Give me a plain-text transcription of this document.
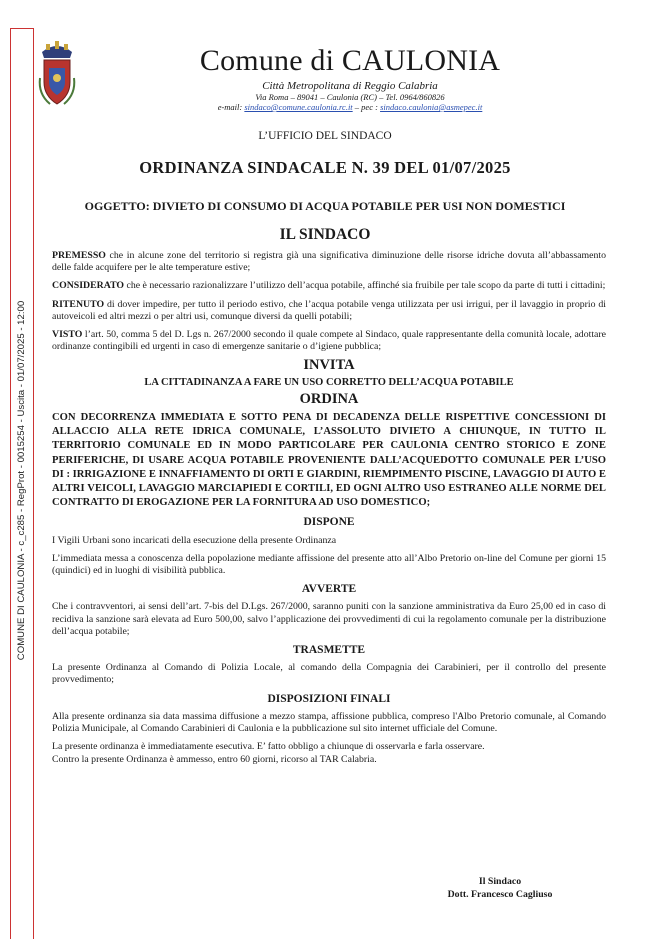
COMUNE DI CAULONIA - c_c285 - RegProt - 0015254 - Uscita - 01/07/2025 - 12:00
Comune di CAULONIA
Città Metropolitana di Reggio Calabria
Via Roma – 89041 – Caulonia (RC) – Tel. 0964/860826
e-mail: sindaco@comune.caulonia.rc.it – pec : sindaco.caulonia@asmepec.it
L’UFFICIO DEL SINDACO
ORDINANZA SINDACALE N. 39 DEL 01/07/2025
OGGETTO: DIVIETO DI CONSUMO DI ACQUA POTABILE PER USI NON DOMESTICI
IL SINDACO

PREMESSO che in alcune zone del territorio si registra già una significativa diminuzione delle risorse idriche dovuta all’abbassamento delle falde acquifere per le alte temperature estive;

CONSIDERATO che è necessario razionalizzare l’utilizzo dell’acqua potabile, affinché sia fruibile per tale scopo da parte di tutti i cittadini;

RITENUTO di dover impedire, per tutto il periodo estivo, che l’acqua potabile venga utilizzata per usi irrigui, per il lavaggio in proprio di autoveicoli ed altri mezzi o per altri usi, comunque diversi da quelli potabili;

VISTO l’art. 50, comma 5 del D. Lgs n. 267/2000 secondo il quale compete al Sindaco, quale rappresentante della comunità locale, adottare ordinanze contingibili ed urgenti in caso di emergenze sanitarie o d’igiene pubblica;

INVITA

LA CITTADINANZA A FARE UN USO CORRETTO DELL’ACQUA POTABILE

ORDINA

CON DECORRENZA IMMEDIATA E SOTTO PENA DI DECADENZA DELLE RISPETTIVE CONCESSIONI DI ALLACCIO ALLA RETE IDRICA COMUNALE, L’ASSOLUTO DIVIETO A CHIUNQUE, IN TUTTO IL TERRITORIO COMUNALE ED IN MODO PARTICOLARE PER CAULONIA CENTRO STORICO E ZONE PERIFERICHE, DI USARE ACQUA POTABILE PROVENIENTE DALL’ACQUEDOTTO COMUNALE PER L’USO DI : IRRIGAZIONE E INNAFFIAMENTO DI ORTI E GIARDINI, RIEMPIMENTO PISCINE, LAVAGGIO DI AUTO E ALTRI VEICOLI, LAVAGGIO MARCIAPIEDI E CORTILI, ED OGNI ALTRO USO ESTRANEO ALLE NORME DEL CONTRATTO DI EROGAZIONE PER LA FORNITURA AD USO DOMESTICO;

DISPONE

I Vigili Urbani sono incaricati della esecuzione della presente Ordinanza

L’immediata messa a conoscenza della popolazione mediante affissione del presente atto all’Albo Pretorio on-line del Comune per giorni 15 (quindici) ed in luoghi di visibilità pubblica.

AVVERTE

Che i contravventori, ai sensi dell’art. 7-bis del D.Lgs. 267/2000, saranno puniti con la sanzione amministrativa da Euro 25,00 ed in caso di recidiva la sanzione sarà elevata ad Euro 500,00, salvo l’applicazione dei provvedimenti di cui la regolamento comunale per la distribuzione dell’acqua potabile;

TRASMETTE

La presente Ordinanza al Comando di Polizia Locale, al comando della Compagnia dei Carabinieri, per il controllo del presente provvedimento;

DISPOSIZIONI FINALI

Alla presente ordinanza sia data massima diffusione a mezzo stampa, affissione pubblica, compreso l'Albo Pretorio comunale, al Comando Polizia Municipale, al Comando Carabinieri di Caulonia e la pubblicazione sul sito internet ufficiale del Comune.

La presente ordinanza è immediatamente esecutiva. E’ fatto obbligo a chiunque di osservarla e farla osservare.

Contro la presente Ordinanza è ammesso, entro 60 giorni, ricorso al TAR Calabria.

Il Sindaco
Dott. Francesco Cagliuso
